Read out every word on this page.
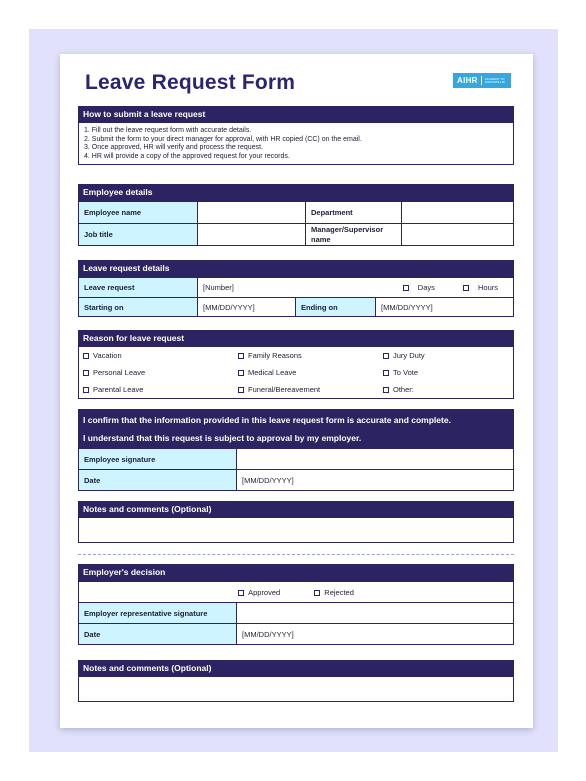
Leave Request Form	AIHR	ACADEMY TO INNOVATE HR
How to submit a leave request
1. Fill out the leave request form with accurate details.
2. Submit the form to your direct manager for approval, with HR copied (CC) on the email.
3. Once approved, HR will verify and process the request.
4. HR will provide a copy of the approved request for your records.
Employee details
Employee name		Department	
Job title		Manager/Supervisor name	
Leave request details
Leave request	[Number] Days Hours		

Starting on	[MM/DD/YYYY]	Ending on	[MM/DD/YYYY]
Reason for leave request
Vacation	Family Reasons	Jury Duty
Personal Leave	Medical Leave	To Vote
Parental Leave	Funeral/Bereavement	Other:
I confirm that the information provided in this leave request form is accurate and complete.
I understand that this request is subject to approval by my employer.
Employee signature	
Date	[MM/DD/YYYY]
Notes and comments (Optional)
Employer's decision
Approved Rejected	
Employer representative signature	
Date	[MM/DD/YYYY]
Notes and comments (Optional)
